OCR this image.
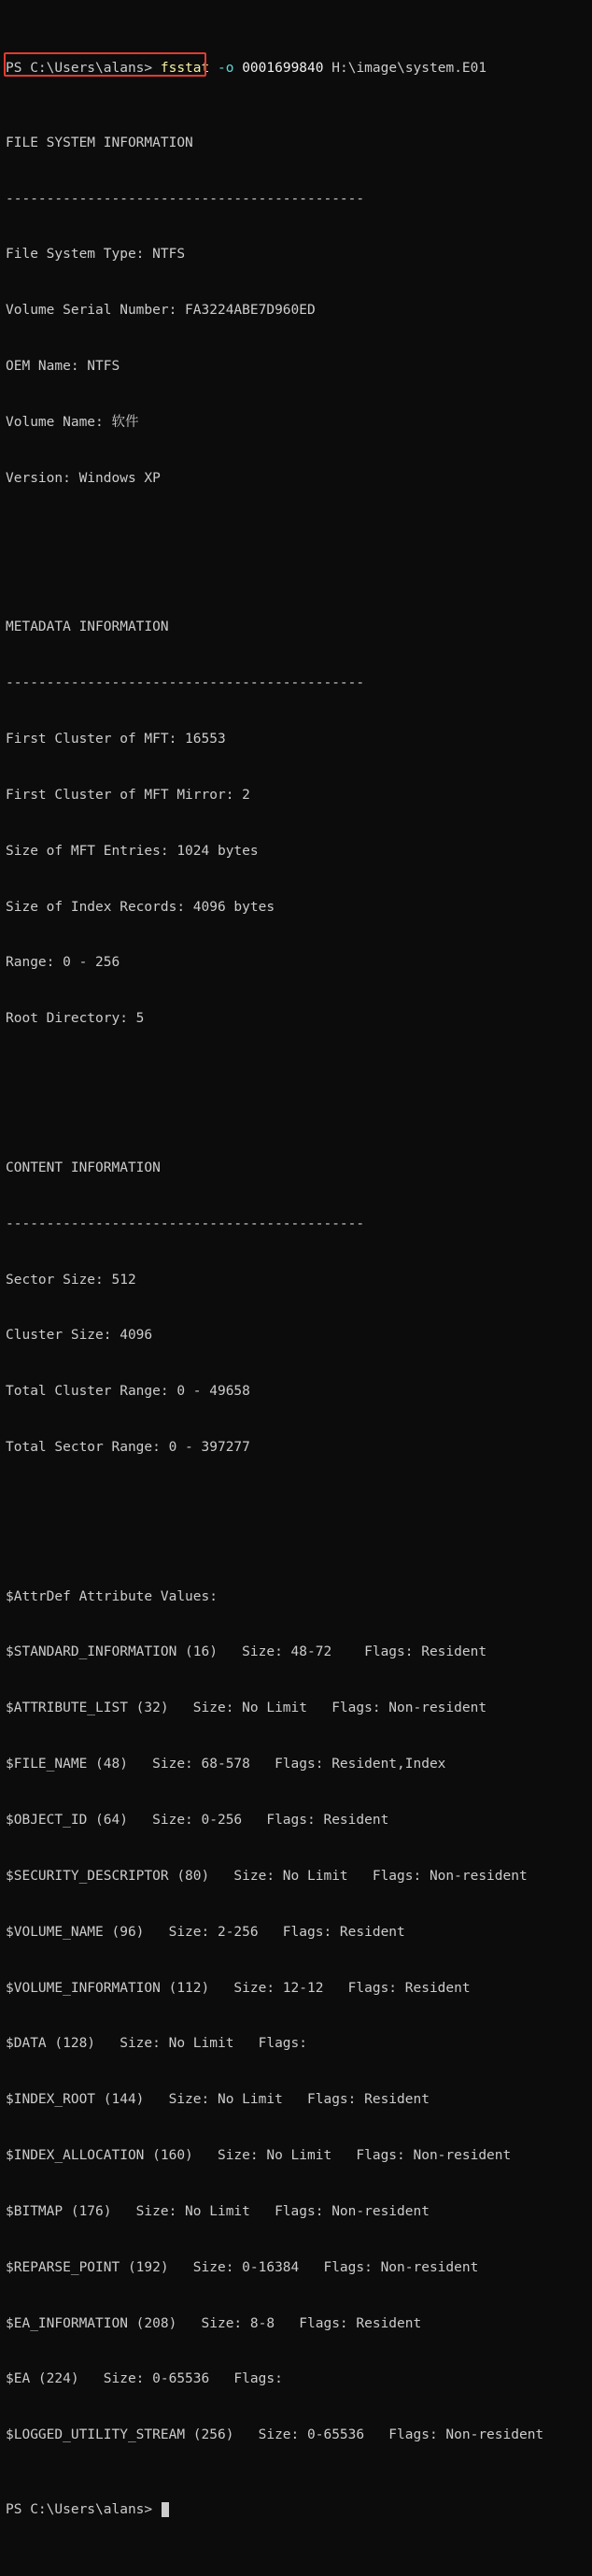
PS C:\Users\alans> fsstat -o 0001699840 H:\image\system.E01

FILE SYSTEM INFORMATION

--------------------------------------------

File System Type: NTFS

Volume Serial Number: FA3224ABE7D960ED

OEM Name: NTFS

Volume Name: 软件

Version: Windows XP

METADATA INFORMATION

--------------------------------------------

First Cluster of MFT: 16553

First Cluster of MFT Mirror: 2

Size of MFT Entries: 1024 bytes

Size of Index Records: 4096 bytes

Range: 0 - 256

Root Directory: 5

CONTENT INFORMATION

--------------------------------------------

Sector Size: 512

Cluster Size: 4096

Total Cluster Range: 0 - 49658

Total Sector Range: 0 - 397277

$AttrDef Attribute Values:

$STANDARD_INFORMATION (16)   Size: 48-72    Flags: Resident

$ATTRIBUTE_LIST (32)   Size: No Limit   Flags: Non-resident

$FILE_NAME (48)   Size: 68-578   Flags: Resident,Index

$OBJECT_ID (64)   Size: 0-256   Flags: Resident

$SECURITY_DESCRIPTOR (80)   Size: No Limit   Flags: Non-resident

$VOLUME_NAME (96)   Size: 2-256   Flags: Resident

$VOLUME_INFORMATION (112)   Size: 12-12   Flags: Resident

$DATA (128)   Size: No Limit   Flags:

$INDEX_ROOT (144)   Size: No Limit   Flags: Resident

$INDEX_ALLOCATION (160)   Size: No Limit   Flags: Non-resident

$BITMAP (176)   Size: No Limit   Flags: Non-resident

$REPARSE_POINT (192)   Size: 0-16384   Flags: Non-resident

$EA_INFORMATION (208)   Size: 8-8   Flags: Resident

$EA (224)   Size: 0-65536   Flags:

$LOGGED_UTILITY_STREAM (256)   Size: 0-65536   Flags: Non-resident

PS C:\Users\alans>
